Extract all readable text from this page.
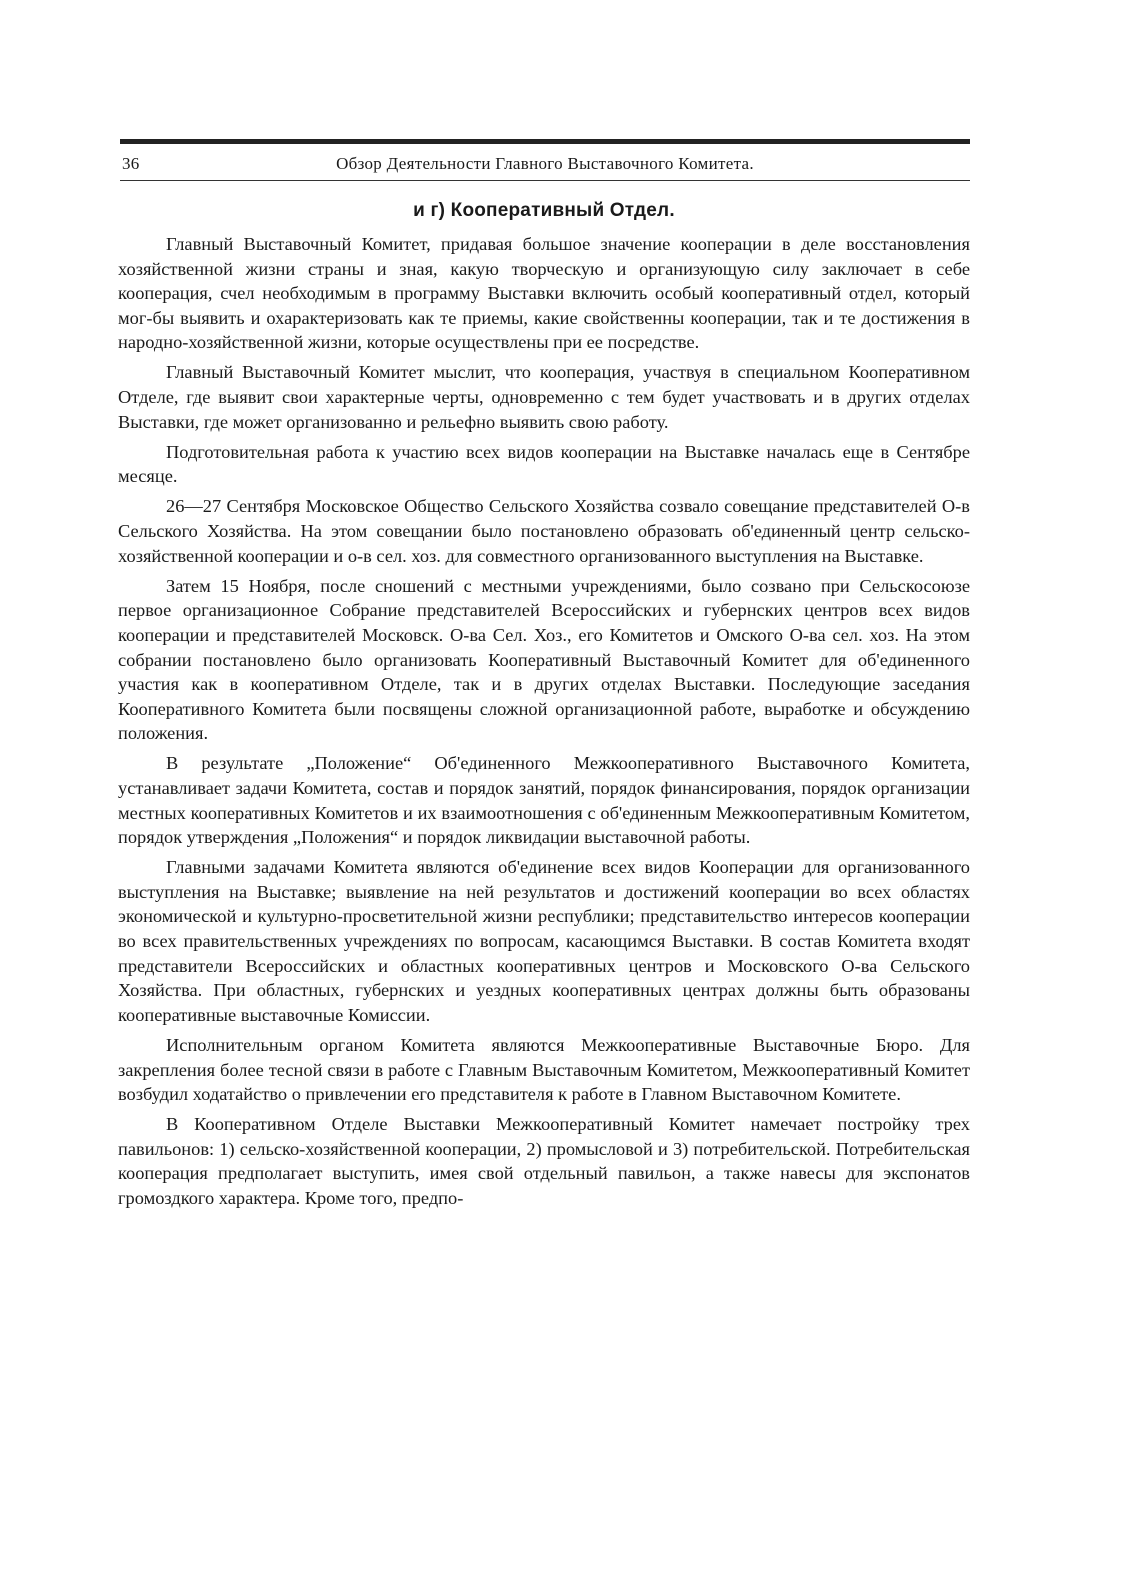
36	Обзор Деятельности Главного Выставочного Комитета.
и г) Кооперативный Отдел.

Главный Выставочный Комитет, придавая большое значение кооперации в деле восстановления хозяйственной жизни страны и зная, какую творческую и организующую силу заключает в себе кооперация, счел необходимым в программу Выставки включить особый кооперативный отдел, который мог-бы выявить и охарактеризовать как те приемы, какие свойственны кооперации, так и те достижения в народно-хозяйственной жизни, которые осуществлены при ее посредстве.

Главный Выставочный Комитет мыслит, что кооперация, участвуя в специальном Кооперативном Отделе, где выявит свои характерные черты, одновременно с тем будет участвовать и в других отделах Выставки, где может организованно и рельефно выявить свою работу.

Подготовительная работа к участию всех видов кооперации на Выставке началась еще в Сентябре месяце.

26—27 Сентября Московское Общество Сельского Хозяйства созвало совещание представителей О-в Сельского Хозяйства. На этом совещании было постановлено образовать об'единенный центр сельско-хозяйственной кооперации и о-в сел. хоз. для совместного организованного выступления на Выставке.

Затем 15 Ноября, после сношений с местными учреждениями, было созвано при Сельскосоюзе первое организационное Собрание представителей Всероссийских и губернских центров всех видов кооперации и представителей Московск. О-ва Сел. Хоз., его Комитетов и Омского О-ва сел. хоз. На этом собрании постановлено было организовать Кооперативный Выставочный Комитет для об'единенного участия как в кооперативном Отделе, так и в других отделах Выставки. Последующие заседания Кооперативного Комитета были посвящены сложной организационной работе, выработке и обсуждению положения.

В результате „Положение“ Об'единенного Межкооперативного Выставочного Комитета, устанавливает задачи Комитета, состав и порядок занятий, порядок финансирования, порядок организации местных кооперативных Комитетов и их взаимоотношения с об'единенным Межкооперативным Комитетом, порядок утверждения „Положения“ и порядок ликвидации выставочной работы.

Главными задачами Комитета являются об'единение всех видов Кооперации для организованного выступления на Выставке; выявление на ней результатов и достижений кооперации во всех областях экономической и культурно-просветительной жизни республики; представительство интересов кооперации во всех правительственных учреждениях по вопросам, касающимся Выставки. В состав Комитета входят представители Всероссийских и областных кооперативных центров и Московского О-ва Сельского Хозяйства. При областных, губернских и уездных кооперативных центрах должны быть образованы кооперативные выставочные Комиссии.

Исполнительным органом Комитета являются Межкооперативные Выставочные Бюро. Для закрепления более тесной связи в работе с Главным Выставочным Комитетом, Межкооперативный Комитет возбудил ходатайство о привлечении его представителя к работе в Главном Выставочном Комитете.

В Кооперативном Отделе Выставки Межкооперативный Комитет намечает постройку трех павильонов: 1) сельско-хозяйственной кооперации, 2) промысловой и 3) потребительской. Потребительская кооперация предполагает выступить, имея свой отдельный павильон, а также навесы для экспонатов громоздкого характера. Кроме того, предпо-
